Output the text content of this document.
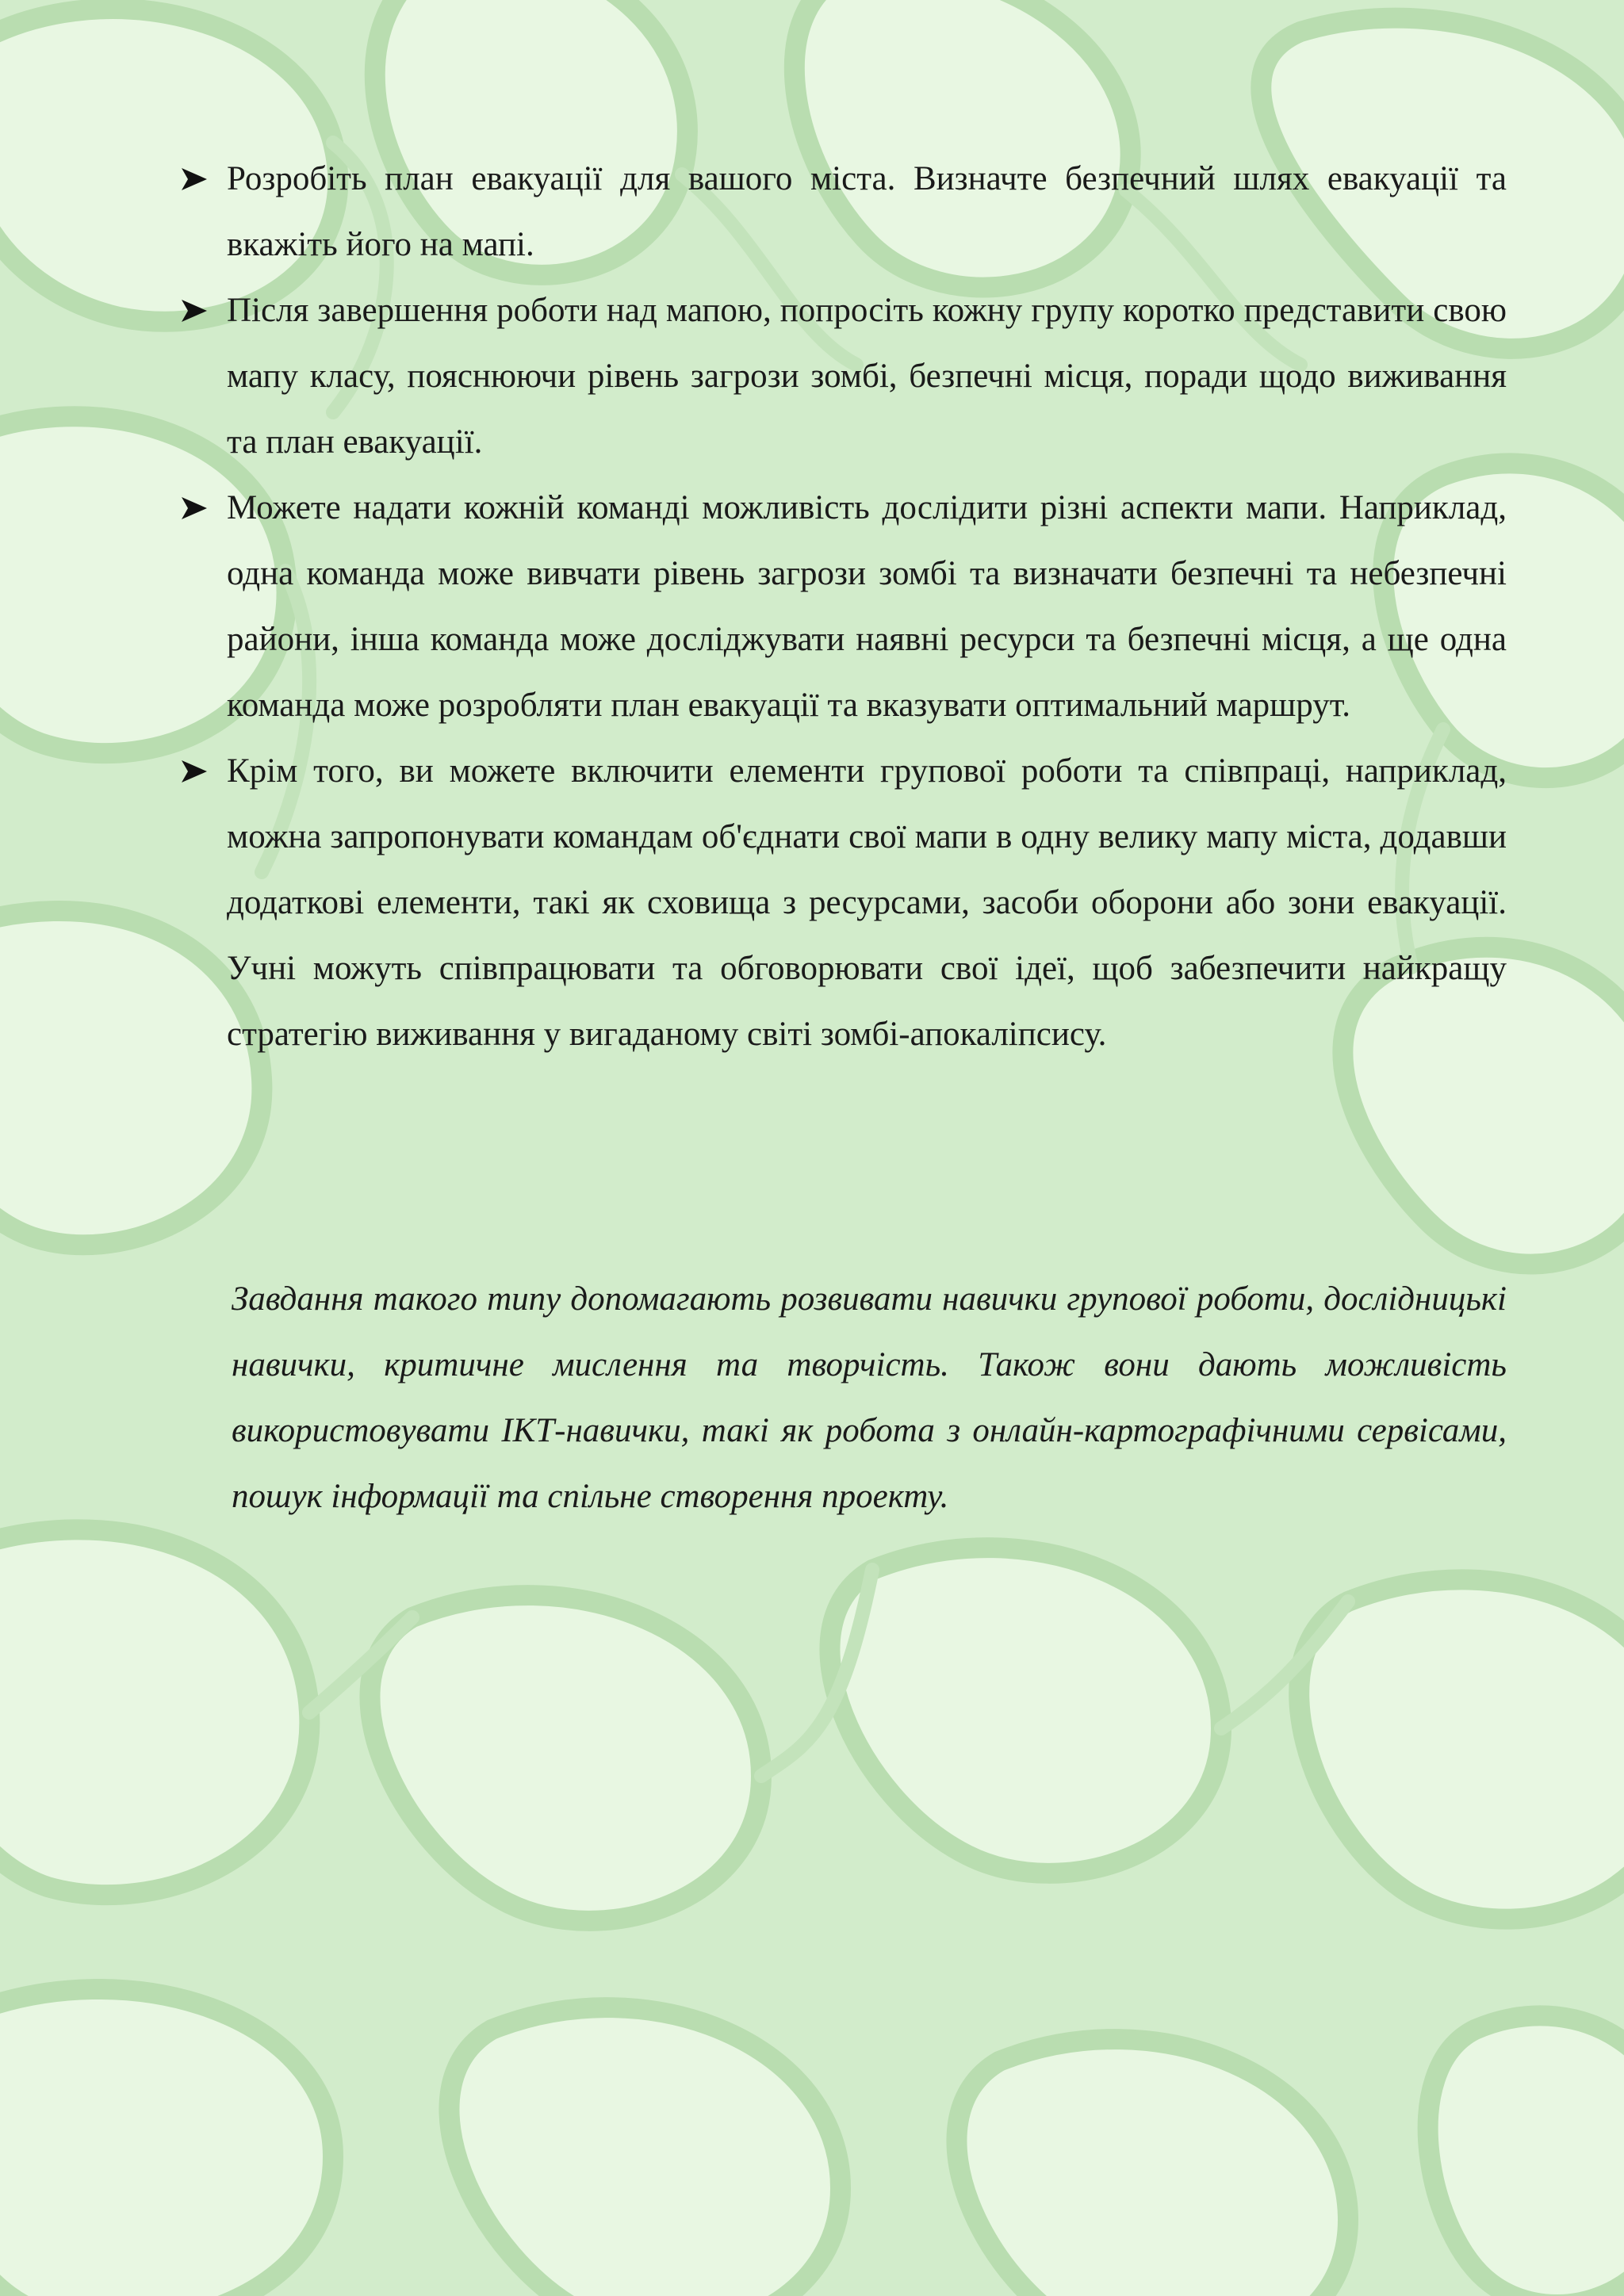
Розробіть план евакуації для вашого міста. Визначте безпечний шлях евакуації та вкажіть його на мапі.
Після завершення роботи над мапою, попросіть кожну групу коротко представити свою мапу класу, пояснюючи рівень загрози зомбі, безпечні місця, поради щодо виживання та план евакуації.
Можете надати кожній команді можливість дослідити різні аспекти мапи. Наприклад, одна команда може вивчати рівень загрози зомбі та визначати безпечні та небезпечні райони, інша команда може досліджувати наявні ресурси та безпечні місця, а ще одна команда може розробляти план евакуації та вказувати оптимальний маршрут.
Крім того, ви можете включити елементи групової роботи та співпраці, наприклад, можна запропонувати командам об'єднати свої мапи в одну велику мапу міста, додавши додаткові елементи, такі як сховища з ресурсами, засоби оборони або зони евакуації. Учні можуть співпрацювати та обговорювати свої ідеї, щоб забезпечити найкращу стратегію виживання у вигаданому світі зомбі-апокаліпсису.

Завдання такого типу допомагають розвивати навички групової роботи, дослідницькі навички, критичне мислення та творчість. Також вони дають можливість використовувати ІКТ-навички, такі як робота з онлайн-картографічними сервісами, пошук інформації та спільне створення проекту.
